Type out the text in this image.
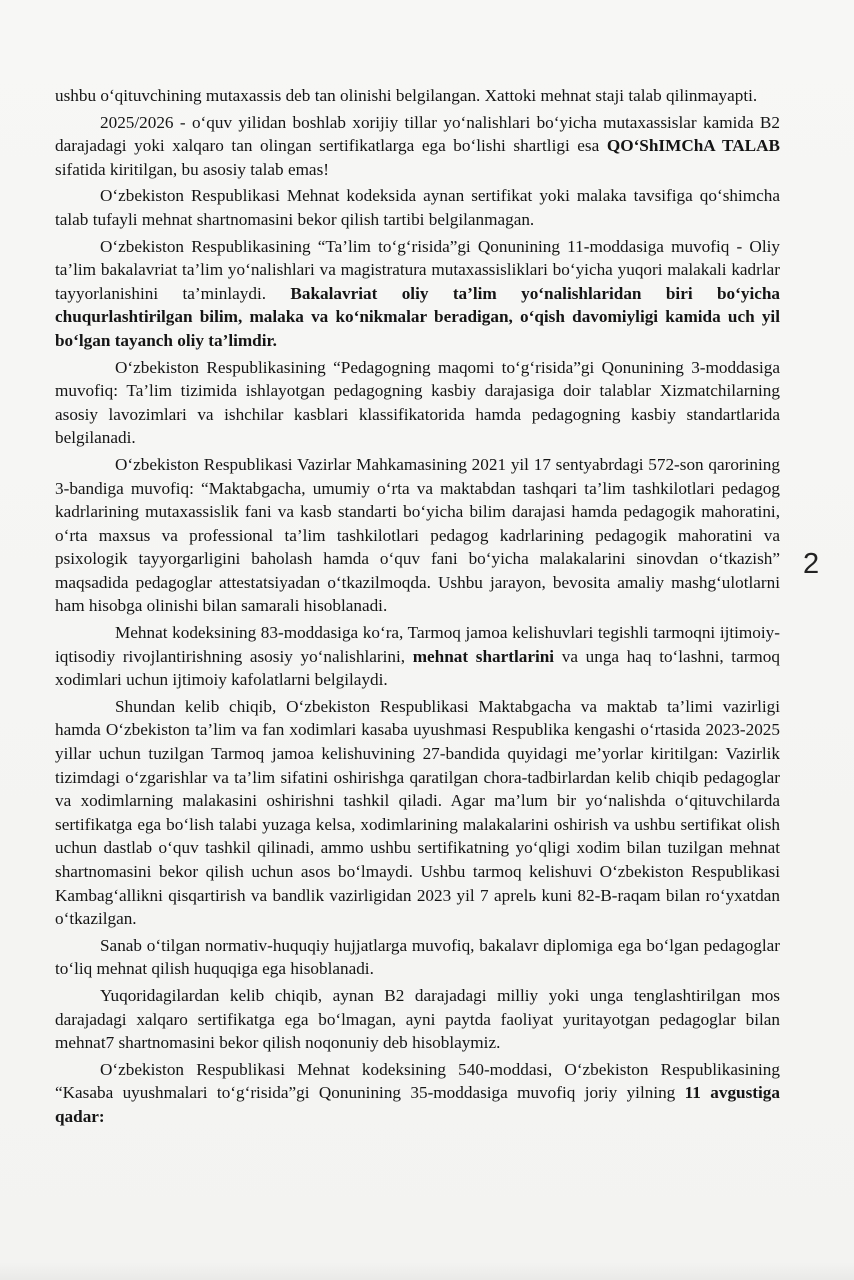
ushbu o‘qituvchining mutaxassis deb tan olinishi belgilangan. Xattoki mehnat staji talab qilinmayapti.

2025/2026 - o‘quv yilidan boshlab xorijiy tillar yo‘nalishlari bo‘yicha mutaxassislar kamida B2 darajadagi yoki xalqaro tan olingan sertifikatlarga ega bo‘lishi shartligi esa QO‘ShIMChA TALAB sifatida kiritilgan, bu asosiy talab emas!

O‘zbekiston Respublikasi Mehnat kodeksida aynan sertifikat yoki malaka tavsifiga qo‘shimcha talab tufayli mehnat shartnomasini bekor qilish tartibi belgilanmagan.

O‘zbekiston Respublikasining “Ta’lim to‘g‘risida”gi Qonunining 11-moddasiga muvofiq - Oliy ta’lim bakalavriat ta’lim yo‘nalishlari va magistratura mutaxassisliklari bo‘yicha yuqori malakali kadrlar tayyorlanishini ta’minlaydi. Bakalavriat oliy ta’lim yo‘nalishlaridan biri bo‘yicha chuqurlashtirilgan bilim, malaka va ko‘nikmalar beradigan, o‘qish davomiyligi kamida uch yil bo‘lgan tayanch oliy ta’limdir.

O‘zbekiston Respublikasining “Pedagogning maqomi to‘g‘risida”gi Qonunining 3-moddasiga muvofiq: Ta’lim tizimida ishlayotgan pedagogning kasbiy darajasiga doir talablar Xizmatchilarning asosiy lavozimlari va ishchilar kasblari klassifikatorida hamda pedagogning kasbiy standartlarida belgilanadi.

O‘zbekiston Respublikasi Vazirlar Mahkamasining 2021 yil 17 sentyabrdagi 572-son qarorining 3-bandiga muvofiq: “Maktabgacha, umumiy o‘rta va maktabdan tashqari ta’lim tashkilotlari pedagog kadrlarining mutaxassislik fani va kasb standarti bo‘yicha bilim darajasi hamda pedagogik mahoratini, o‘rta maxsus va professional ta’lim tashkilotlari pedagog kadrlarining pedagogik mahoratini va psixologik tayyorgarligini baholash hamda o‘quv fani bo‘yicha malakalarini sinovdan o‘tkazish” maqsadida pedagoglar attestatsiyadan o‘tkazilmoqda. Ushbu jarayon, bevosita amaliy mashg‘ulotlarni ham hisobga olinishi bilan samarali hisoblanadi.

Mehnat kodeksining 83-moddasiga ko‘ra, Tarmoq jamoa kelishuvlari tegishli tarmoqni ijtimoiy-iqtisodiy rivojlantirishning asosiy yo‘nalishlarini, mehnat shartlarini va unga haq to‘lashni, tarmoq xodimlari uchun ijtimoiy kafolatlarni belgilaydi.

Shundan kelib chiqib, O‘zbekiston Respublikasi Maktabgacha va maktab ta’limi vazirligi hamda O‘zbekiston ta’lim va fan xodimlari kasaba uyushmasi Respublika kengashi o‘rtasida 2023-2025 yillar uchun tuzilgan Tarmoq jamoa kelishuvining 27-bandida quyidagi me’yorlar kiritilgan: Vazirlik tizimdagi o‘zgarishlar va ta’lim sifatini oshirishga qaratilgan chora-tadbirlardan kelib chiqib pedagoglar va xodimlarning malakasini oshirishni tashkil qiladi. Agar ma’lum bir yo‘nalishda o‘qituvchilarda sertifikatga ega bo‘lish talabi yuzaga kelsa, xodimlarining malakalarini oshirish va ushbu sertifikat olish uchun dastlab o‘quv tashkil qilinadi, ammo ushbu sertifikatning yo‘qligi xodim bilan tuzilgan mehnat shartnomasini bekor qilish uchun asos bo‘lmaydi. Ushbu tarmoq kelishuvi O‘zbekiston Respublikasi Kambag‘allikni qisqartirish va bandlik vazirligidan 2023 yil 7 aprelь kuni 82-B-raqam bilan ro‘yxatdan o‘tkazilgan.

Sanab o‘tilgan normativ-huquqiy hujjatlarga muvofiq, bakalavr diplomiga ega bo‘lgan pedagoglar to‘liq mehnat qilish huquqiga ega hisoblanadi.

Yuqoridagilardan kelib chiqib, aynan B2 darajadagi milliy yoki unga tenglashtirilgan mos darajadagi xalqaro sertifikatga ega bo‘lmagan, ayni paytda faoliyat yuritayotgan pedagoglar bilan mehnat7 shartnomasini bekor qilish noqonuniy deb hisoblaymiz.

O‘zbekiston Respublikasi Mehnat kodeksining 540-moddasi, O‘zbekiston Respublikasining “Kasaba uyushmalari to‘g‘risida”gi Qonunining 35-moddasiga muvofiq joriy yilning 11 avgustiga qadar:

2
